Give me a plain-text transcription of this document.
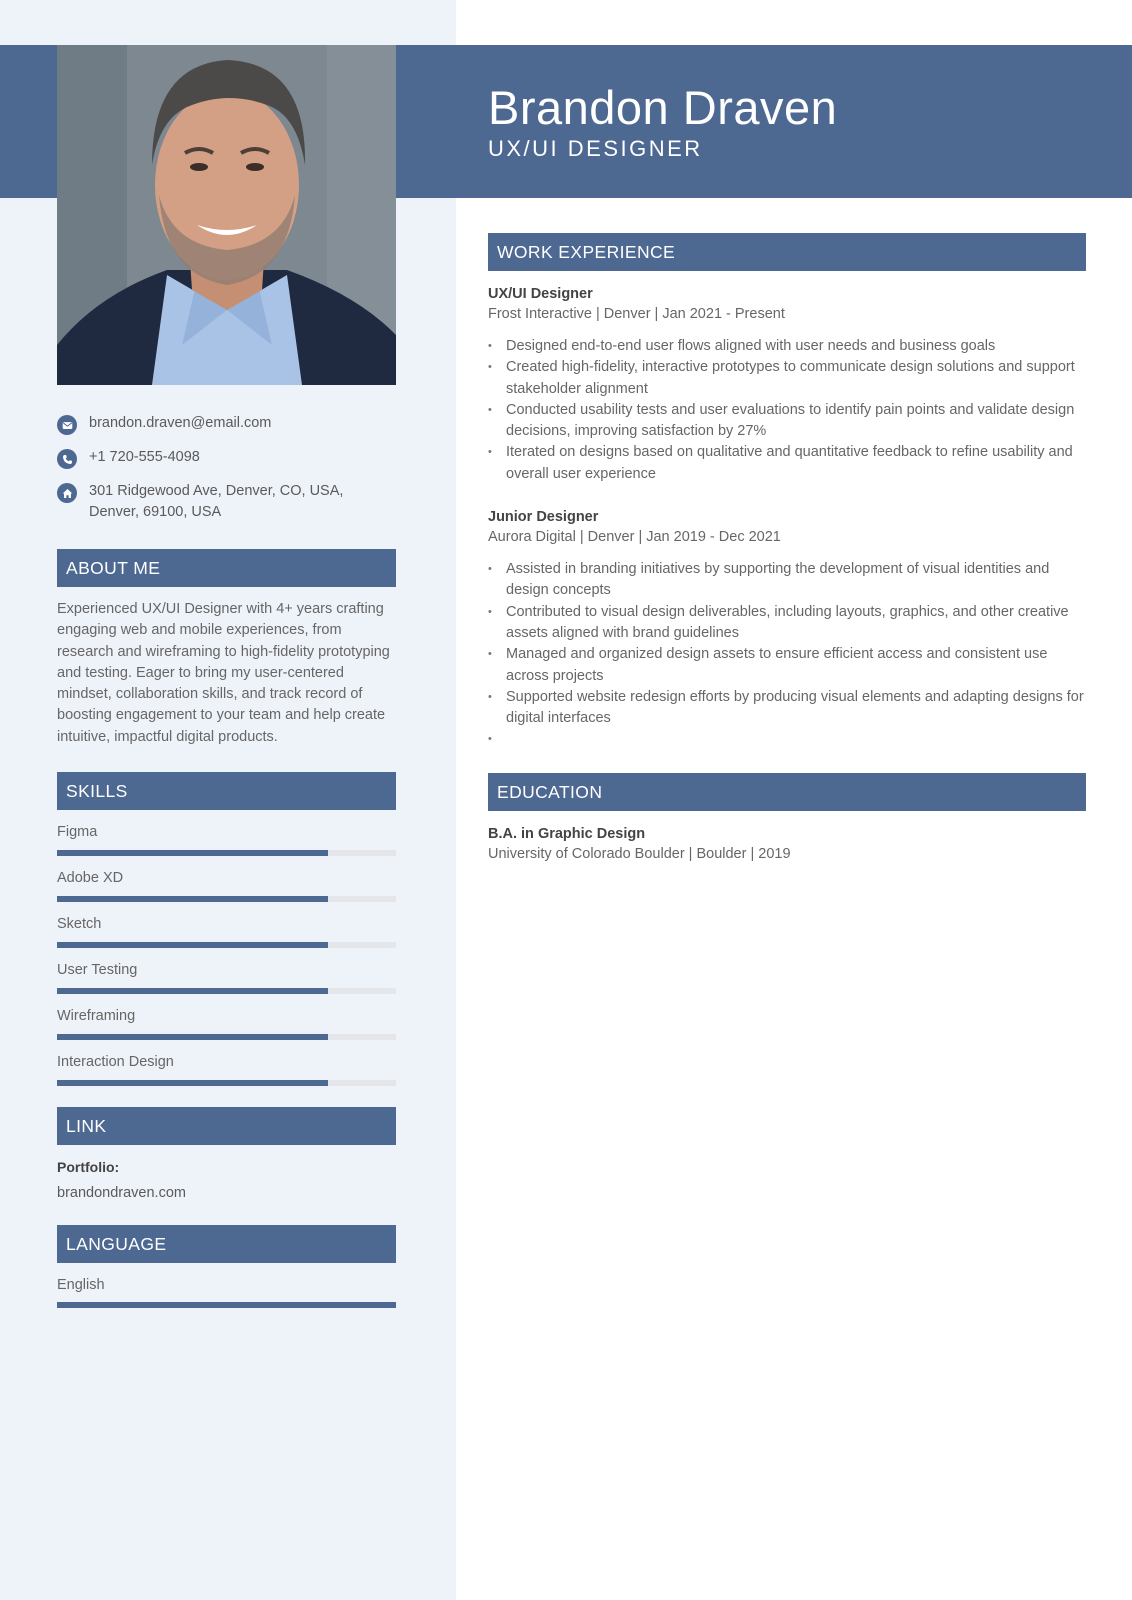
Brandon Draven
UX/UI DESIGNER
brandon.draven@email.com
+1 720-555-4098
301 Ridgewood Ave, Denver, CO, USA, Denver, 69100, USA
ABOUT ME

Experienced UX/UI Designer with 4+ years crafting engaging web and mobile experiences, from research and wireframing to high-fidelity prototyping and testing. Eager to bring my user-centered mindset, collaboration skills, and track record of boosting engagement to your team and help create intuitive, impactful digital products.

SKILLS
Figma
Adobe XD
Sketch
User Testing
Wireframing
Interaction Design
LINK
Portfolio:
brandondraven.com
LANGUAGE
English
WORK EXPERIENCE
UX/UI Designer
Frost Interactive | Denver | Jan 2021 - Present
• Designed end-to-end user flows aligned with user needs and business goals
• Created high-fidelity, interactive prototypes to communicate design solutions and support stakeholder alignment
• Conducted usability tests and user evaluations to identify pain points and validate design decisions, improving satisfaction by 27%
• Iterated on designs based on qualitative and quantitative feedback to refine usability and overall user experience
Junior Designer
Aurora Digital | Denver | Jan 2019 - Dec 2021
• Assisted in branding initiatives by supporting the development of visual identities and design concepts
• Contributed to visual design deliverables, including layouts, graphics, and other creative assets aligned with brand guidelines
• Managed and organized design assets to ensure efficient access and consistent use across projects
• Supported website redesign efforts by producing visual elements and adapting designs for digital interfaces
•
EDUCATION
B.A. in Graphic Design
University of Colorado Boulder | Boulder | 2019
